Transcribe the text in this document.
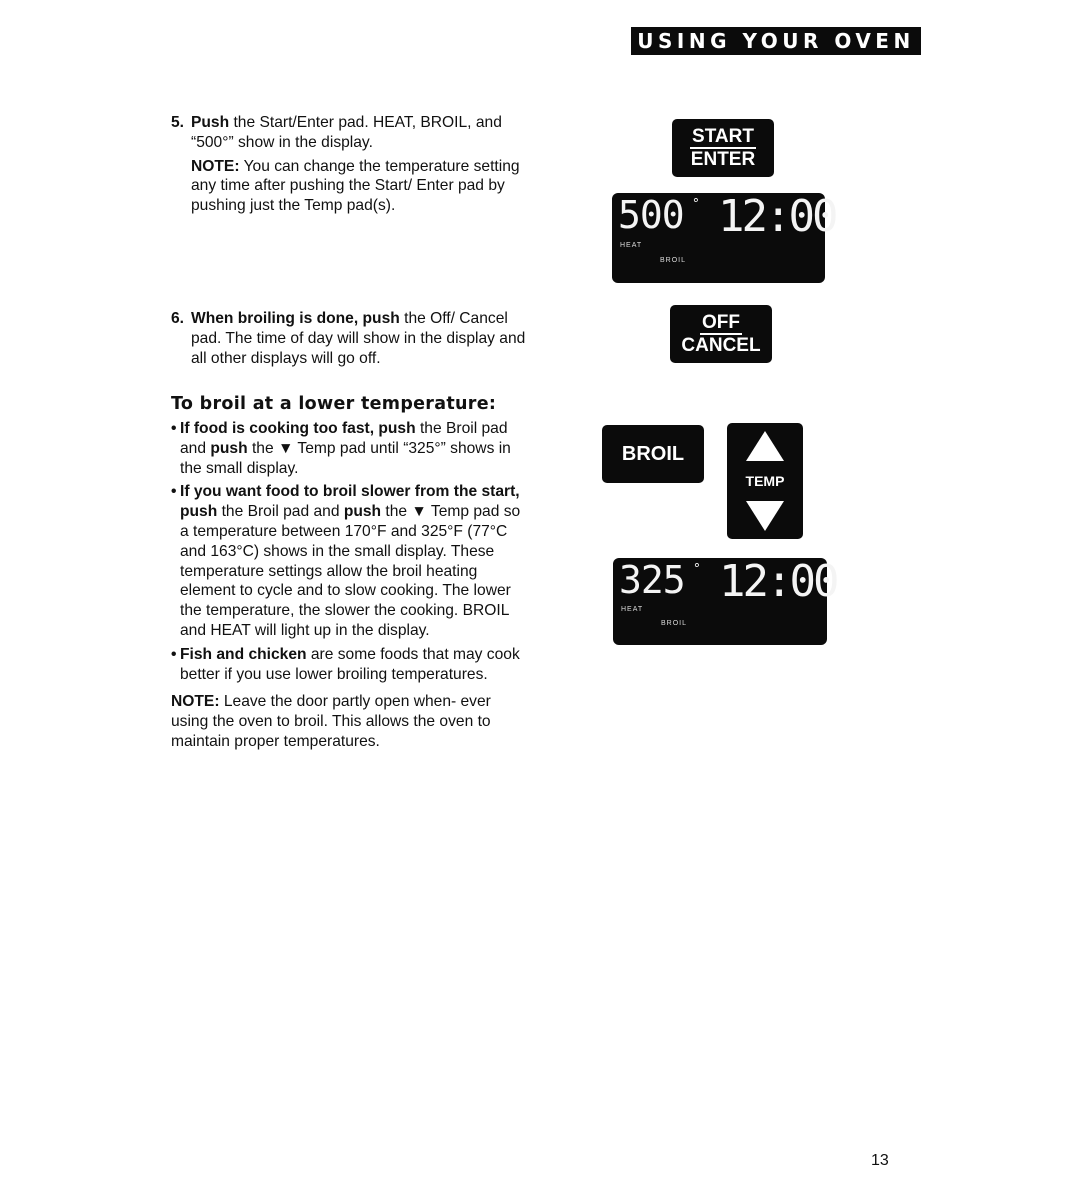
USING YOUR OVEN
5. Push the Start/Enter pad. HEAT, BROIL, and “500°” show in the display.
NOTE: You can change the temperature setting any time after pushing the Start/ Enter pad by pushing just the Temp pad(s).
6. When broiling is done, push the Off/ Cancel pad. The time of day will show in the display and all other displays will go off.
To broil at a lower temperature:
• If food is cooking too fast, push the Broil pad and push the ▼ Temp pad until “325°” shows in the small display.
• If you want food to broil slower from the start, push the Broil pad and push the ▼ Temp pad so a temperature between 170°F and 325°F (77°C and 163°C) shows in the small display. These temperature settings allow the broil heating element to cycle and to slow cooking. The lower the temperature, the slower the cooking. BROIL and HEAT will light up in the display.
• Fish and chicken are some foods that may cook better if you use lower broiling temperatures.
NOTE: Leave the door partly open when- ever using the oven to broil. This allows the oven to maintain proper temperatures.
START
ENTER
500 ° 12:00
HEAT
BROIL
OFF
CANCEL
BROIL
TEMP
325 ° 12:00
HEAT
BROIL
13
